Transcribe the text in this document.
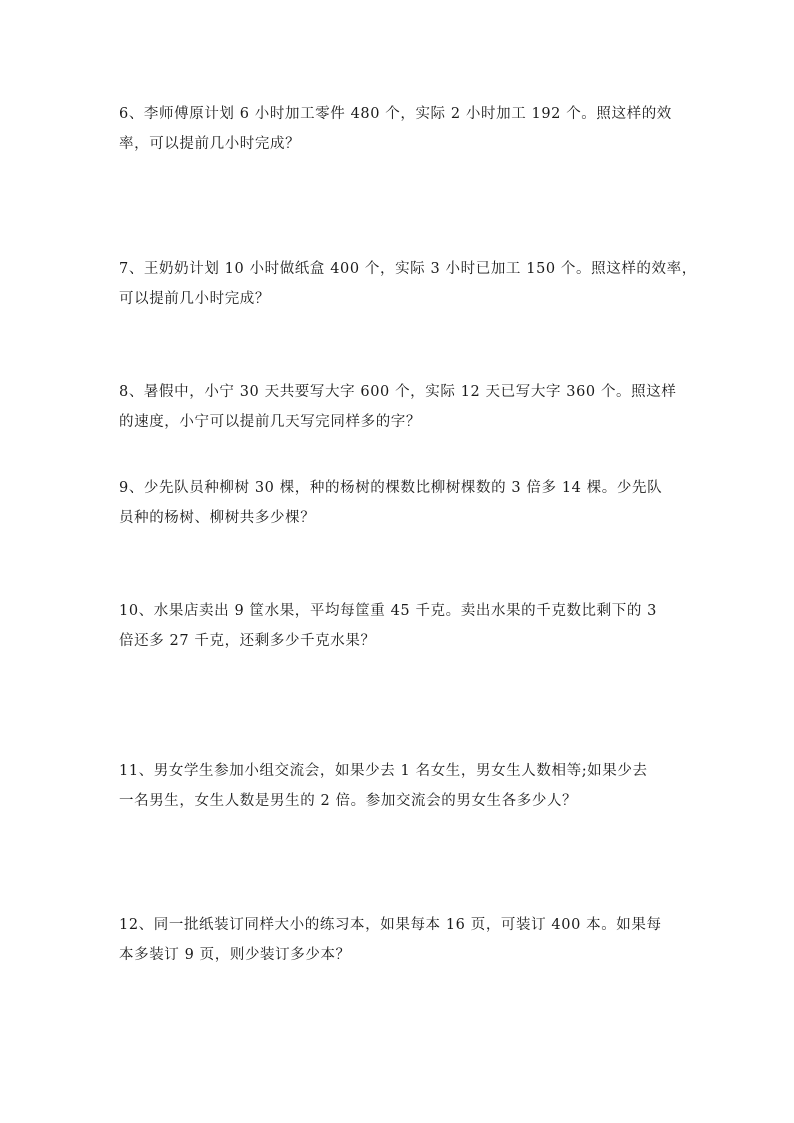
6、李师傅原计划 6 小时加工零件 480 个，实际 2 小时加工 192 个。照这样的效
率，可以提前几小时完成？

7、王奶奶计划 10 小时做纸盒 400 个，实际 3 小时已加工 150 个。照这样的效率，
可以提前几小时完成？

8、暑假中，小宁 30 天共要写大字 600 个，实际 12 天已写大字 360 个。照这样
的速度，小宁可以提前几天写完同样多的字？

9、少先队员种柳树 30 棵，种的杨树的棵数比柳树棵数的 3 倍多 14 棵。少先队
员种的杨树、柳树共多少棵？

10、水果店卖出 9 筐水果，平均每筐重 45 千克。卖出水果的千克数比剩下的 3
倍还多 27 千克，还剩多少千克水果？

11、男女学生参加小组交流会，如果少去 1 名女生，男女生人数相等;如果少去
一名男生，女生人数是男生的 2 倍。参加交流会的男女生各多少人？

12、同一批纸装订同样大小的练习本，如果每本 16 页，可装订 400 本。如果每
本多装订 9 页，则少装订多少本？
